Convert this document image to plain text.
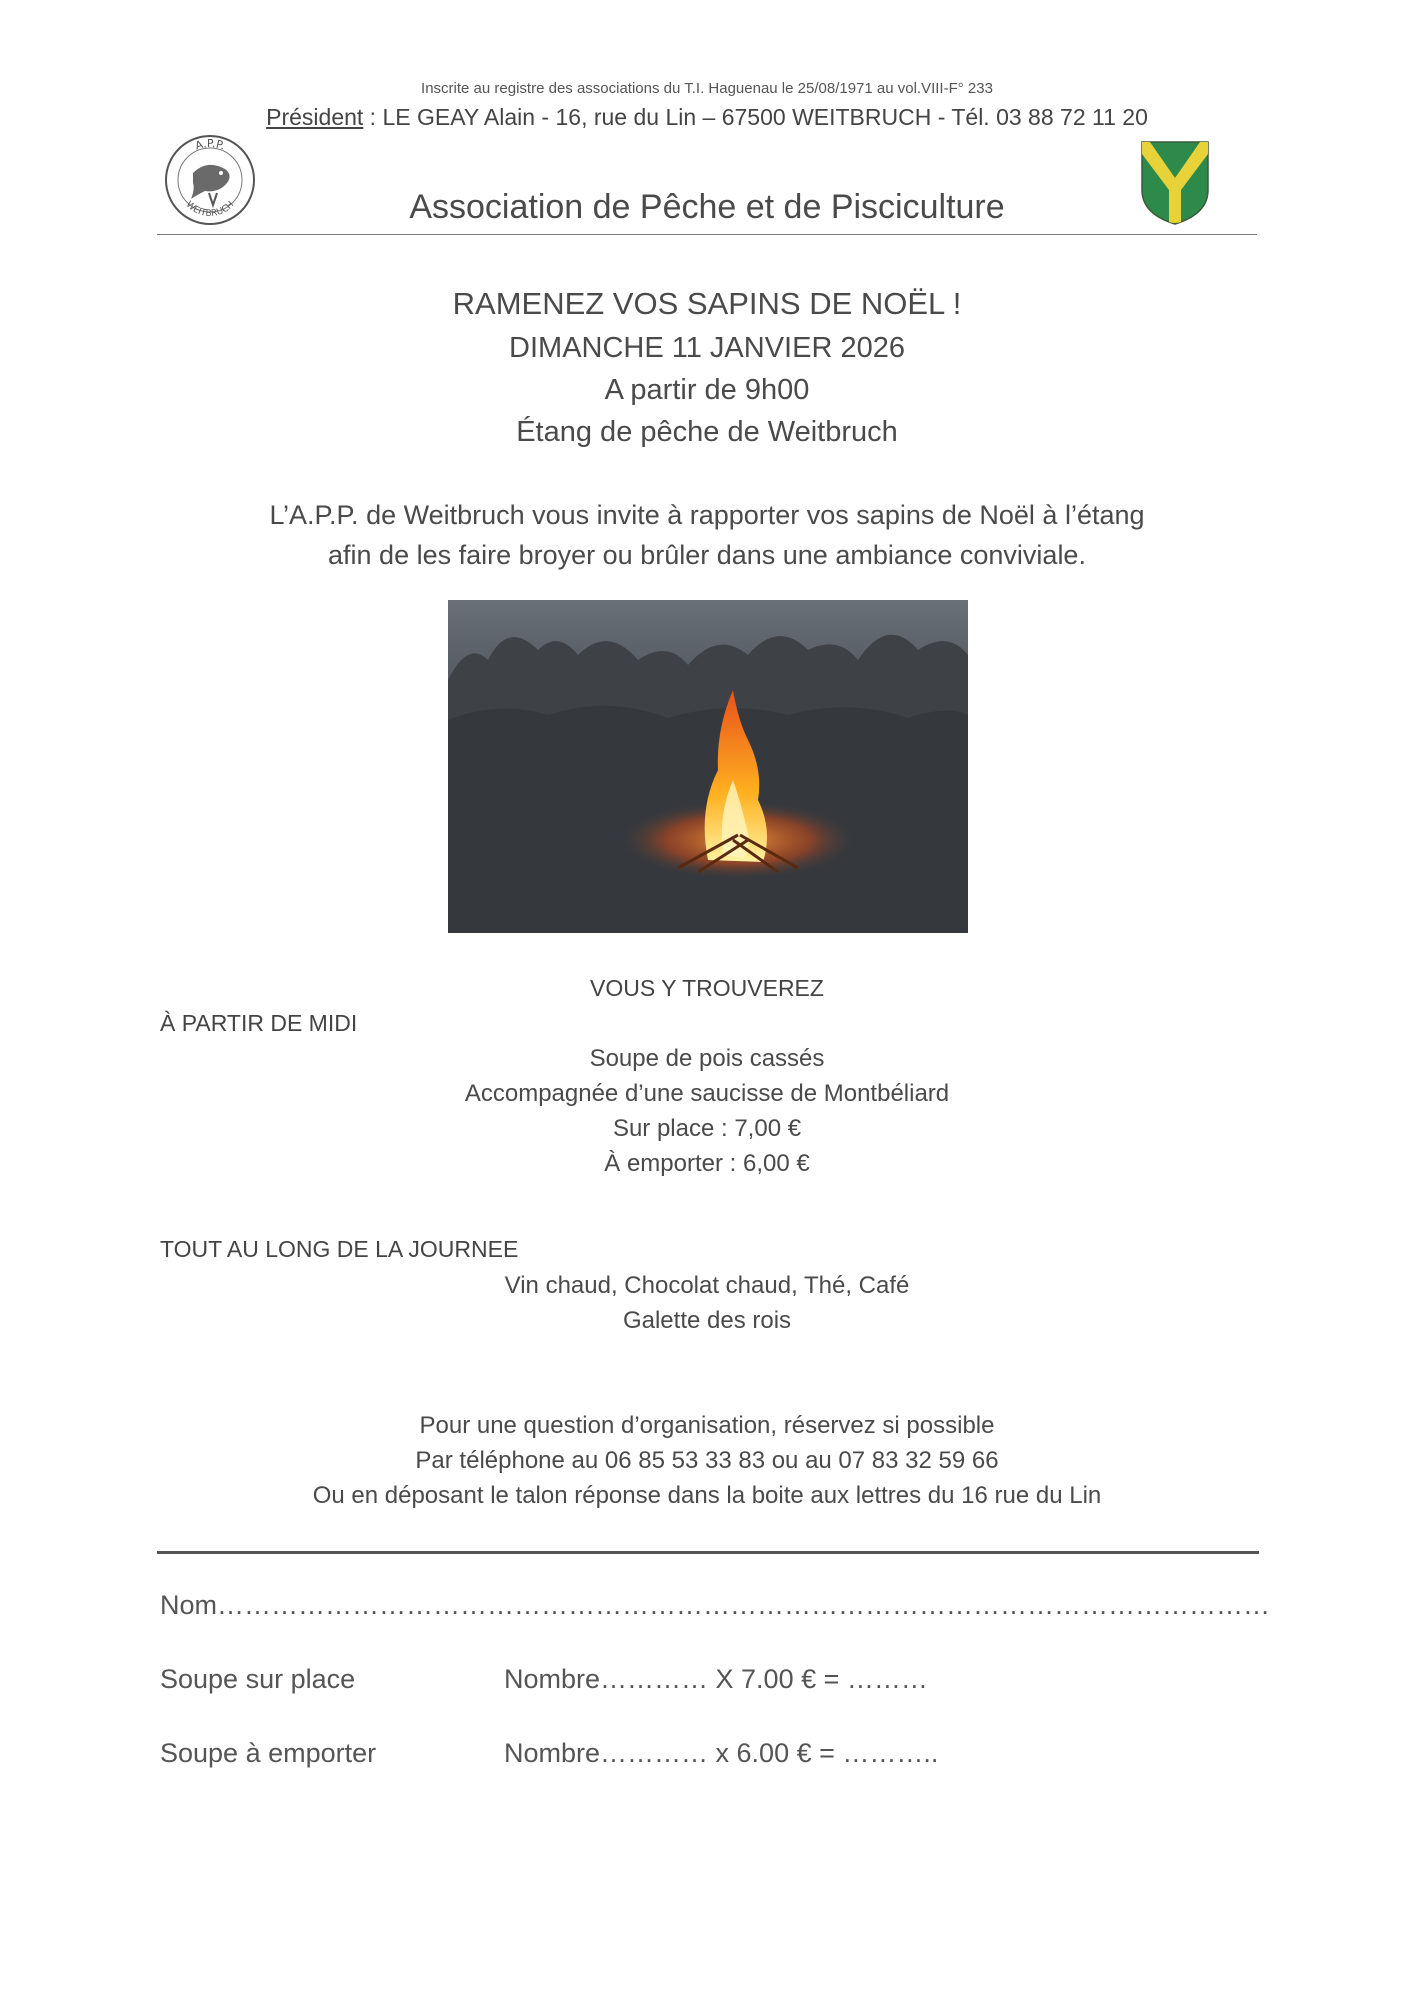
Inscrite au registre des associations du T.I. Haguenau le 25/08/1971 au vol.VIII-F° 233
Président : LE GEAY Alain - 16, rue du Lin – 67500 WEITBRUCH - Tél. 03 88 72 11 20
A.P.P.
WEITBRUCH	Association de Pêche et de Pisciculture
RAMENEZ VOS SAPINS DE NOËL !
DIMANCHE 11 JANVIER 2026
A partir de 9h00
Étang de pêche de Weitbruch
L’A.P.P. de Weitbruch vous invite à rapporter vos sapins de Noël à l’étang
afin de les faire broyer ou brûler dans une ambiance conviviale.
VOUS Y TROUVEREZ
À PARTIR DE MIDI
Soupe de pois cassés
Accompagnée d’une saucisse de Montbéliard
Sur place : 7,00 €
À emporter : 6,00 €
TOUT AU LONG DE LA JOURNEE
Vin chaud, Chocolat chaud, Thé, Café
Galette des rois
Pour une question d’organisation, réservez si possible
Par téléphone au 06 85 53 33 83 ou au 07 83 32 59 66
Ou en déposant le talon réponse dans la boite aux lettres du 16 rue du Lin
Nom………………………………………………………………………………………………………
Soupe sur place	Nombre………… X 7.00 € = ………
Soupe à emporter	Nombre………… x 6.00 € = ………..
